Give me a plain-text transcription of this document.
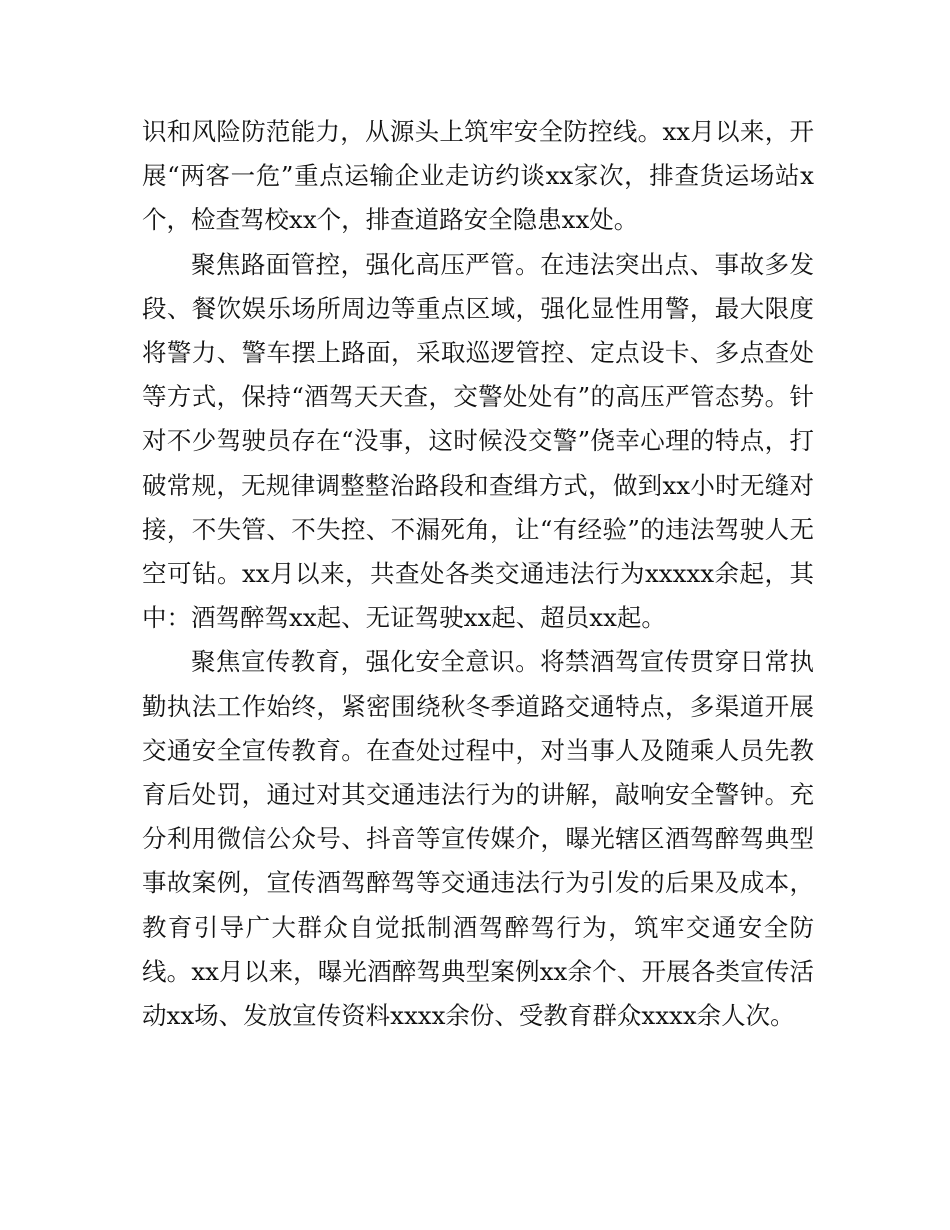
识和风险防范能力，从源头上筑牢安全防控线。xx月以来，开展“两客一危”重点运输企业走访约谈xx家次，排查货运场站x个，检查驾校xx个，排查道路安全隐患xx处。

聚焦路面管控，强化高压严管。在违法突出点、事故多发段、餐饮娱乐场所周边等重点区域，强化显性用警，最大限度将警力、警车摆上路面，采取巡逻管控、定点设卡、多点查处等方式，保持“酒驾天天查，交警处处有”的高压严管态势。针对不少驾驶员存在“没事，这时候没交警”侥幸心理的特点，打破常规，无规律调整整治路段和查缉方式，做到xx小时无缝对接，不失管、不失控、不漏死角，让“有经验”的违法驾驶人无空可钻。xx月以来，共查处各类交通违法行为xxxxx余起，其中：酒驾醉驾xx起、无证驾驶xx起、超员xx起。

聚焦宣传教育，强化安全意识。将禁酒驾宣传贯穿日常执勤执法工作始终，紧密围绕秋冬季道路交通特点，多渠道开展交通安全宣传教育。在查处过程中，对当事人及随乘人员先教育后处罚，通过对其交通违法行为的讲解，敲响安全警钟。充分利用微信公众号、抖音等宣传媒介，曝光辖区酒驾醉驾典型事故案例，宣传酒驾醉驾等交通违法行为引发的后果及成本，教育引导广大群众自觉抵制酒驾醉驾行为，筑牢交通安全防线。xx月以来，曝光酒醉驾典型案例xx余个、开展各类宣传活动xx场、发放宣传资料xxxx余份、受教育群众xxxx余人次。
